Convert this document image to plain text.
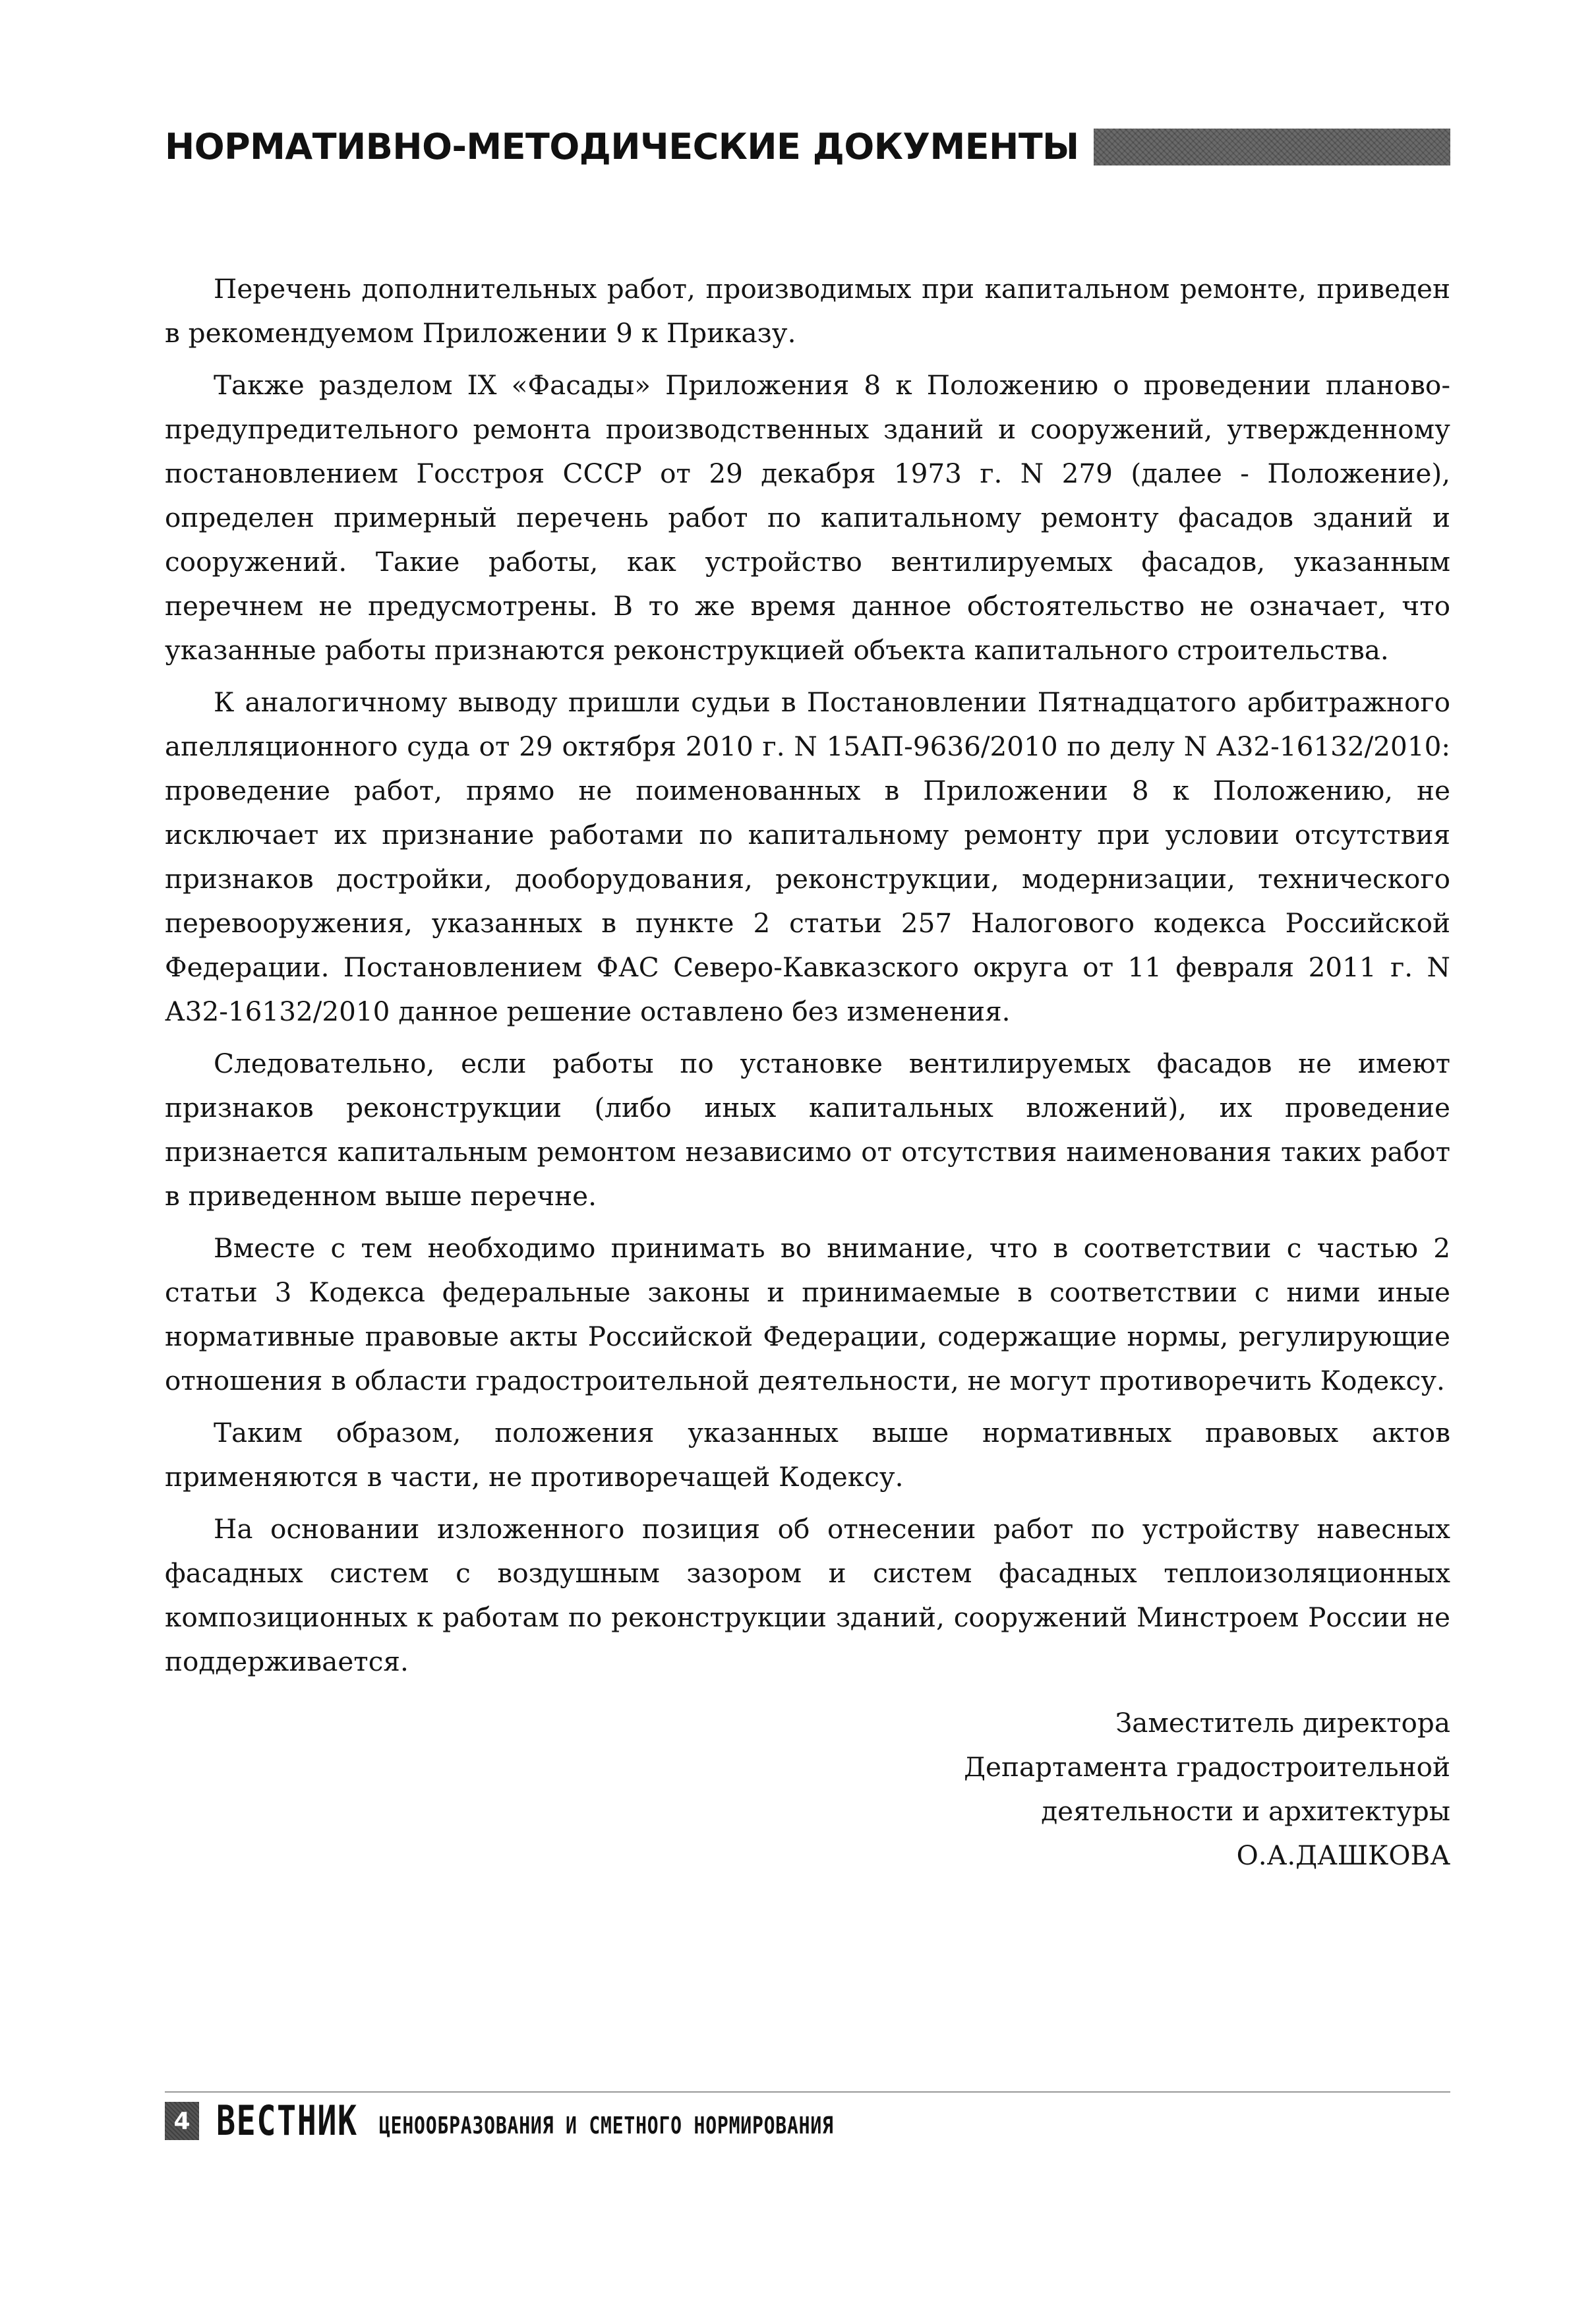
НОРМАТИВНО-МЕТОДИЧЕСКИЕ ДОКУМЕНТЫ

Перечень дополнительных работ, производимых при капитальном ремонте, приведен в рекомендуемом Приложении 9 к Приказу.

Также разделом IX «Фасады» Приложения 8 к Положению о проведении планово-предупредительного ремонта производственных зданий и сооружений, утвержденному постановлением Госстроя СССР от 29 декабря 1973 г. N 279 (далее - Положение), определен примерный перечень работ по капитальному ремонту фасадов зданий и сооружений. Такие работы, как устройство вентилируемых фасадов, указанным перечнем не предусмотрены. В то же время данное обстоятельство не означает, что указанные работы признаются реконструкцией объекта капитального строительства.

К аналогичному выводу пришли судьи в Постановлении Пятнадцатого арбитражного апелляционного суда от 29 октября 2010 г. N 15АП-9636/2010 по делу N А32-16132/2010: проведение работ, прямо не поименованных в Приложении 8 к Положению, не исключает их признание работами по капитальному ремонту при условии отсутствия признаков достройки, дооборудования, реконструкции, модернизации, технического перевооружения, указанных в пункте 2 статьи 257 Налогового кодекса Российской Федерации. Постановлением ФАС Северо-Кавказского округа от 11 февраля 2011 г. N А32-16132/2010 данное решение оставлено без изменения.

Следовательно, если работы по установке вентилируемых фасадов не имеют признаков реконструкции (либо иных капитальных вложений), их проведение признается капитальным ремонтом независимо от отсутствия наименования таких работ в приведенном выше перечне.

Вместе с тем необходимо принимать во внимание, что в соответствии с частью 2 статьи 3 Кодекса федеральные законы и принимаемые в соответствии с ними иные нормативные правовые акты Российской Федерации, содержащие нормы, регулирующие отношения в области градостроительной деятельности, не могут противоречить Кодексу.

Таким образом, положения указанных выше нормативных правовых актов применяются в части, не противоречащей Кодексу.

На основании изложенного позиция об отнесении работ по устройству навесных фасадных систем с воздушным зазором и систем фасадных теплоизоляционных композиционных к работам по реконструкции зданий, сооружений Минстроем России не поддерживается.

Заместитель директора
Департамента градостроительной
деятельности и архитектуры
О.А.ДАШКОВА
4 ВЕСТНИК ЦЕНООБРАЗОВАНИЯ И СМЕТНОГО НОРМИРОВАНИЯ
